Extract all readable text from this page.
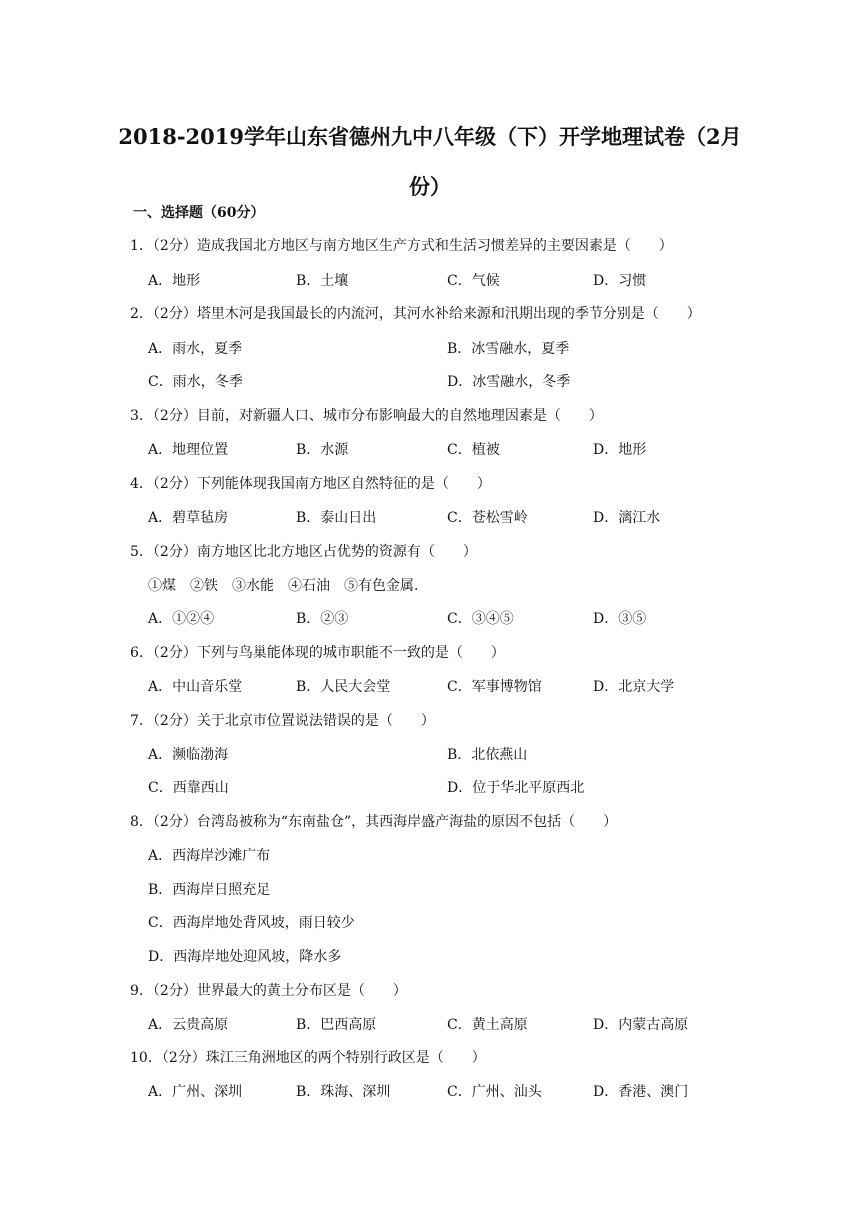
2018-2019学年山东省德州九中八年级（下）开学地理试卷（2月份）
一、选择题（60分）
1．（2分）造成我国北方地区与南方地区生产方式和生活习惯差异的主要因素是（　　）
A．地形	B．土壤	C．气候	D．习惯
2．（2分）塔里木河是我国最长的内流河，其河水补给来源和汛期出现的季节分别是（　　）
A．雨水，夏季	B．冰雪融水，夏季
C．雨水，冬季	D．冰雪融水，冬季
3．（2分）目前，对新疆人口、城市分布影响最大的自然地理因素是（　　）
A．地理位置	B．水源	C．植被	D．地形
4．（2分）下列能体现我国南方地区自然特征的是（　　）
A．碧草毡房	B．泰山日出	C．苍松雪岭	D．漓江水
5．（2分）南方地区比北方地区占优势的资源有（　　）
①煤　②铁　③水能　④石油　⑤有色金属．
A．①②④	B．②③	C．③④⑤	D．③⑤
6．（2分）下列与鸟巢能体现的城市职能不一致的是（　　）
A．中山音乐堂	B．人民大会堂	C．军事博物馆	D．北京大学
7．（2分）关于北京市位置说法错误的是（　　）
A．濒临渤海	B．北依燕山
C．西靠西山	D．位于华北平原西北
8．（2分）台湾岛被称为“东南盐仓”，其西海岸盛产海盐的原因不包括（　　）
A．西海岸沙滩广布
B．西海岸日照充足
C．西海岸地处背风坡，雨日较少
D．西海岸地处迎风坡，降水多
9．（2分）世界最大的黄土分布区是（　　）
A．云贵高原	B．巴西高原	C．黄土高原	D．内蒙古高原
10．（2分）珠江三角洲地区的两个特别行政区是（　　）
A．广州、深圳	B．珠海、深圳	C．广州、汕头	D．香港、澳门
